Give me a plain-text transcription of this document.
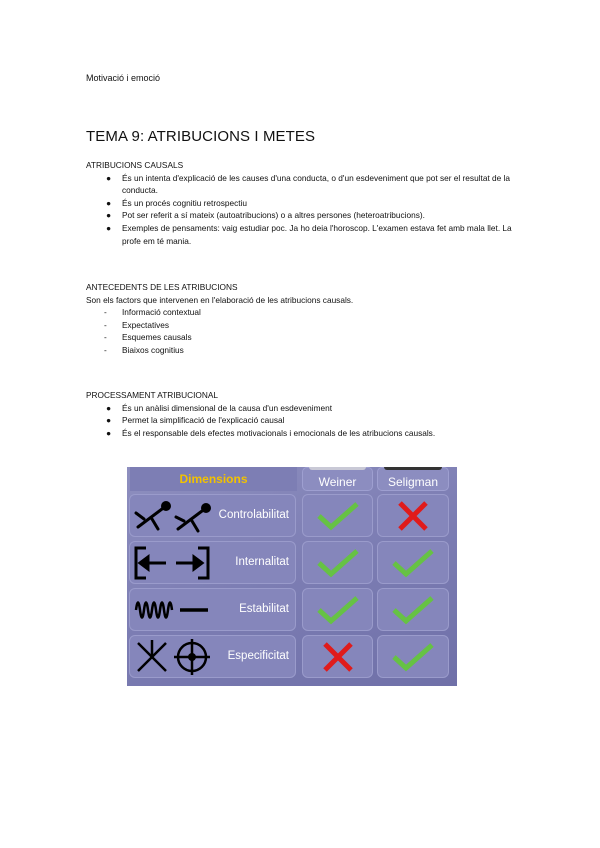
Motivació i emoció
TEMA 9: ATRIBUCIONS I METES
ATRIBUCIONS CAUSALS
● És un intenta d'explicació de les causes d'una conducta, o d'un esdeveniment que pot ser el resultat de la conducta.
● És un procés cognitiu retrospectiu
● Pot ser referit a sí mateix (autoatribucions) o a altres persones (heteroatribucions).
● Exemples de pensaments: vaig estudiar poc. Ja ho deia l'horoscop. L'examen estava fet amb mala llet. La profe em té mania.
ANTECEDENTS DE LES ATRIBUCIONS
Son els factors que intervenen en l'elaboració de les atribucions causals.
- Informació contextual
- Expectatives
- Esquemes causals
- Biaixos cognitius
PROCESSAMENT ATRIBUCIONAL
● És un anàlisi dimensional de la causa d'un esdeveniment
● Permet la simplificació de l'explicació causal
● És el responsable dels efectes motivacionals i emocionals de les atribucions causals.
Dimensions	Weiner	Seligman
Controlabilitat
Internalitat
Estabilitat
Especificitat
